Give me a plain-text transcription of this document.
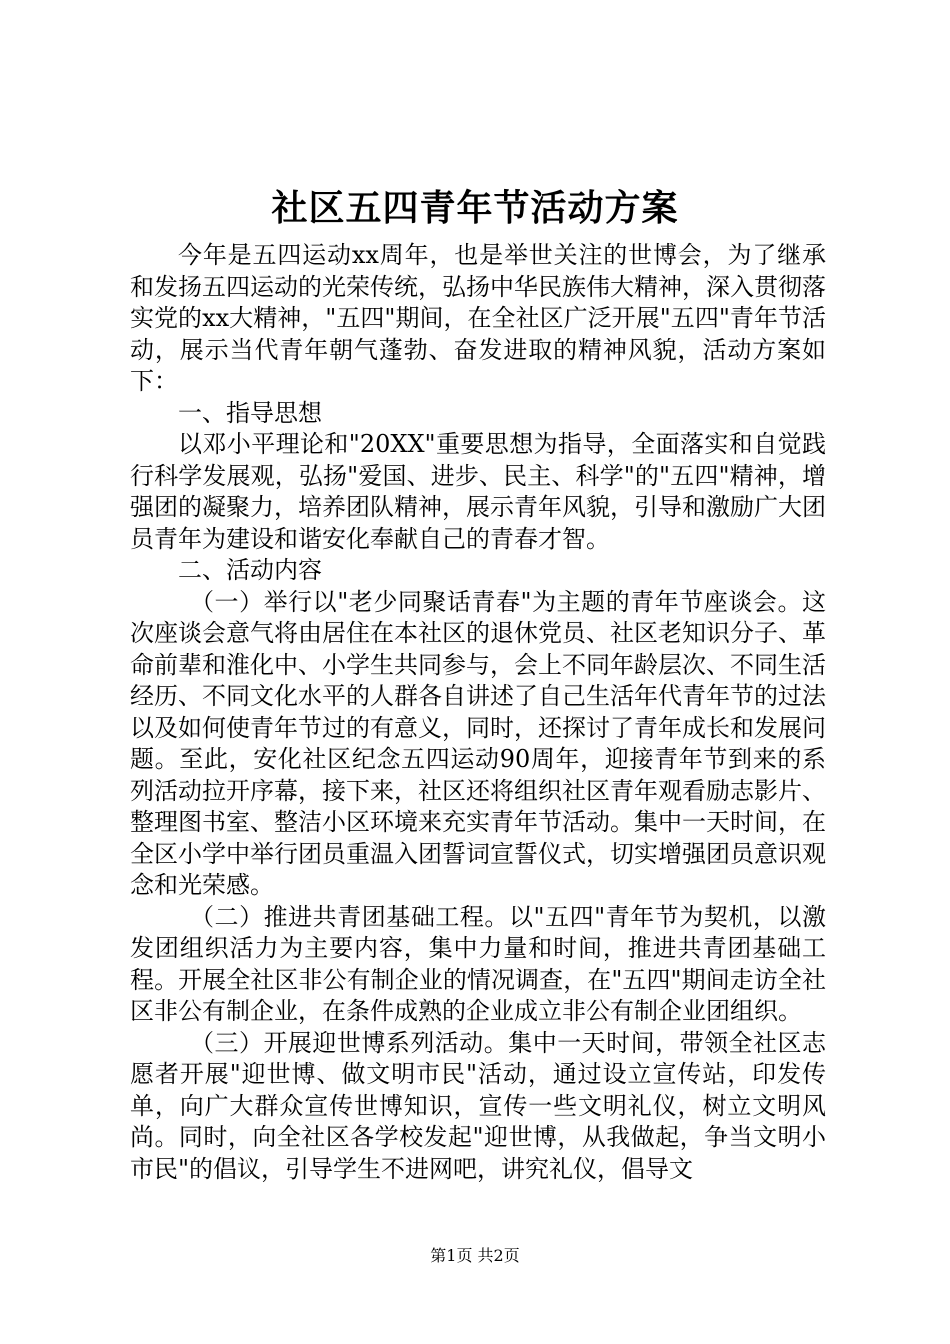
社区五四青年节活动方案

今年是五四运动xx周年，也是举世关注的世博会，为了继承和发扬五四运动的光荣传统，弘扬中华民族伟大精神，深入贯彻落实党的xx大精神，"五四"期间，在全社区广泛开展"五四"青年节活动，展示当代青年朝气蓬勃、奋发进取的精神风貌，活动方案如下：

一、指导思想

以邓小平理论和"20XX"重要思想为指导，全面落实和自觉践行科学发展观，弘扬"爱国、进步、民主、科学"的"五四"精神，增强团的凝聚力，培养团队精神，展示青年风貌，引导和激励广大团员青年为建设和谐安化奉献自己的青春才智。

二、活动内容

（一）举行以"老少同聚话青春"为主题的青年节座谈会。这次座谈会意气将由居住在本社区的退休党员、社区老知识分子、革命前辈和淮化中、小学生共同参与，会上不同年龄层次、不同生活经历、不同文化水平的人群各自讲述了自己生活年代青年节的过法以及如何使青年节过的有意义，同时，还探讨了青年成长和发展问题。至此，安化社区纪念五四运动90周年，迎接青年节到来的系列活动拉开序幕，接下来，社区还将组织社区青年观看励志影片、整理图书室、整洁小区环境来充实青年节活动。集中一天时间，在全区小学中举行团员重温入团誓词宣誓仪式，切实增强团员意识观念和光荣感。

（二）推进共青团基础工程。以"五四"青年节为契机，以激发团组织活力为主要内容，集中力量和时间，推进共青团基础工程。开展全社区非公有制企业的情况调查，在"五四"期间走访全社区非公有制企业，在条件成熟的企业成立非公有制企业团组织。

（三）开展迎世博系列活动。集中一天时间，带领全社区志愿者开展"迎世博、做文明市民"活动，通过设立宣传站，印发传单，向广大群众宣传世博知识，宣传一些文明礼仪，树立文明风尚。同时，向全社区各学校发起"迎世博，从我做起，争当文明小市民"的倡议，引导学生不进网吧，讲究礼仪，倡导文

第1页 共2页
